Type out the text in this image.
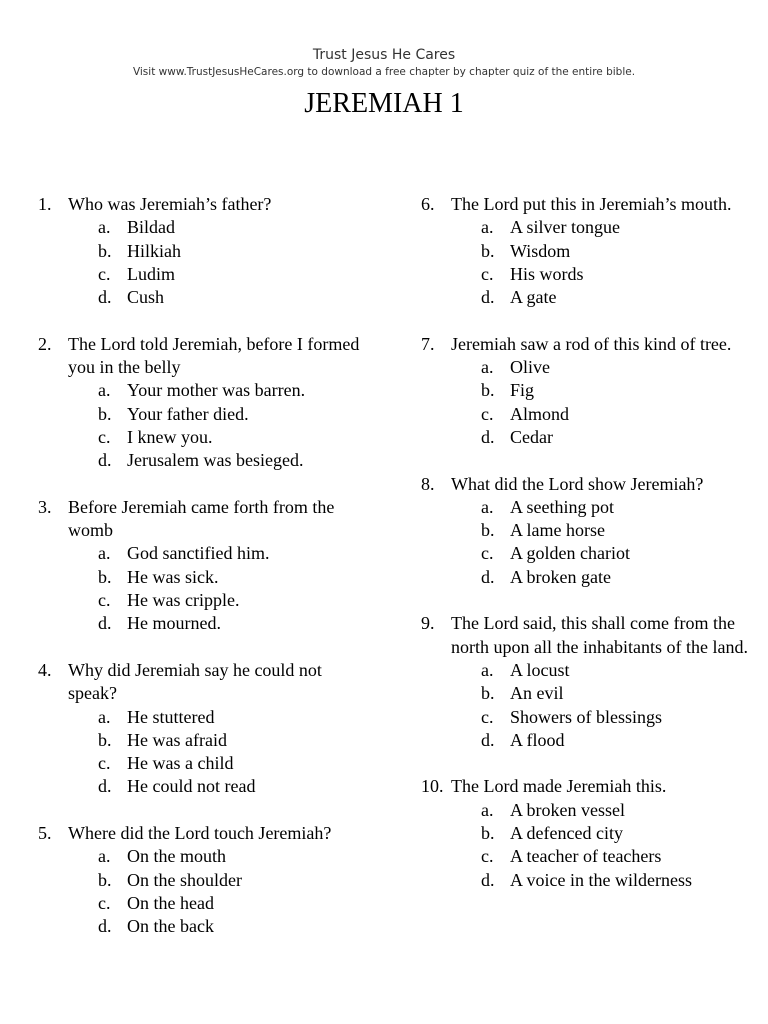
Trust Jesus He Cares
Visit www.TrustJesusHeCares.org to download a free chapter by chapter quiz of the entire bible.
JEREMIAH 1
1. Who was Jeremiah’s father?
a. Bildad
b. Hilkiah
c. Ludim
d. Cush
2. The Lord told Jeremiah, before I formed you in the belly
a. Your mother was barren.
b. Your father died.
c. I knew you.
d. Jerusalem was besieged.
3. Before Jeremiah came forth from the womb
a. God sanctified him.
b. He was sick.
c. He was cripple.
d. He mourned.
4. Why did Jeremiah say he could not speak?
a. He stuttered
b. He was afraid
c. He was a child
d. He could not read
5. Where did the Lord touch Jeremiah?
a. On the mouth
b. On the shoulder
c. On the head
d. On the back
6. The Lord put this in Jeremiah’s mouth.
a. A silver tongue
b. Wisdom
c. His words
d. A gate
7. Jeremiah saw a rod of this kind of tree.
a. Olive
b. Fig
c. Almond
d. Cedar
8. What did the Lord show Jeremiah?
a. A seething pot
b. A lame horse
c. A golden chariot
d. A broken gate
9. The Lord said, this shall come from the north upon all the inhabitants of the land.
a. A locust
b. An evil
c. Showers of blessings
d. A flood
10. The Lord made Jeremiah this.
a. A broken vessel
b. A defenced city
c. A teacher of teachers
d. A voice in the wilderness
